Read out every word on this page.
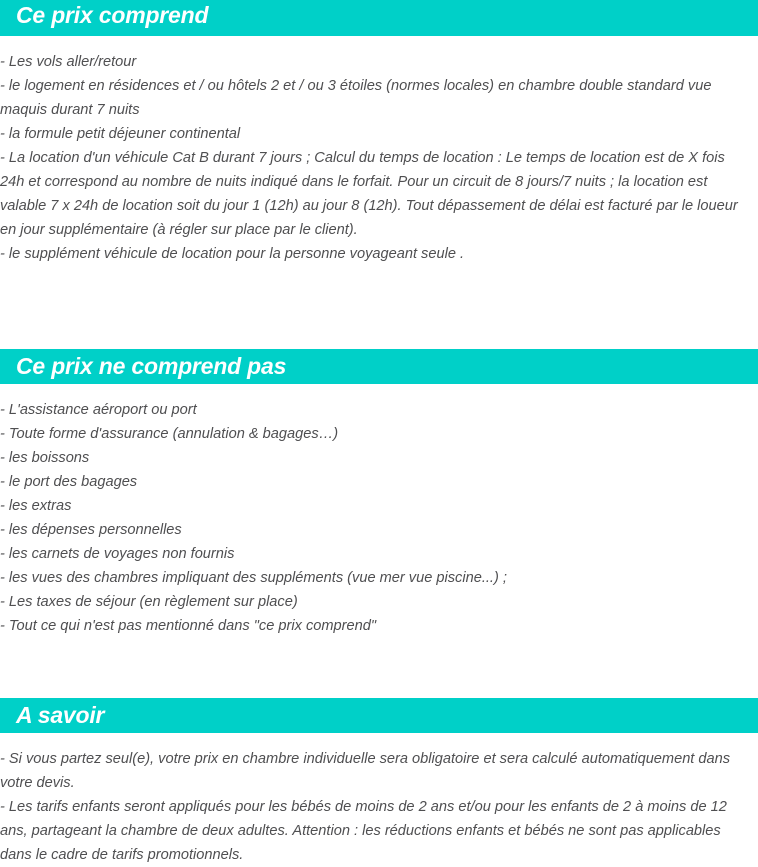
Ce prix comprend

- Les vols aller/retour

- le logement en résidences et / ou hôtels 2 et / ou 3 étoiles (normes locales) en chambre double standard vue maquis durant 7 nuits

- la formule petit déjeuner continental

- La location d'un véhicule Cat B durant 7 jours ; Calcul du temps de location : Le temps de location est de X fois 24h et correspond au nombre de nuits indiqué dans le forfait. Pour un circuit de 8 jours/7 nuits ; la location est valable 7 x 24h de location soit du jour 1 (12h) au jour 8 (12h). Tout dépassement de délai est facturé par le loueur en jour supplémentaire (à régler sur place par le client).

- le supplément véhicule de location pour la personne voyageant seule .

Ce prix ne comprend pas

- L'assistance aéroport ou port

- Toute forme d'assurance (annulation & bagages…)

- les boissons

- le port des bagages

- les extras

- les dépenses personnelles

- les carnets de voyages non fournis

- les vues des chambres impliquant des suppléments (vue mer vue piscine...) ;

- Les taxes de séjour (en règlement sur place)

- Tout ce qui n'est pas mentionné dans "ce prix comprend"

A savoir

- Si vous partez seul(e), votre prix en chambre individuelle sera obligatoire et sera calculé automatiquement dans votre devis.

- Les tarifs enfants seront appliqués pour les bébés de moins de 2 ans et/ou pour les enfants de 2 à moins de 12 ans, partageant la chambre de deux adultes. Attention : les réductions enfants et bébés ne sont pas applicables dans le cadre de tarifs promotionnels.
